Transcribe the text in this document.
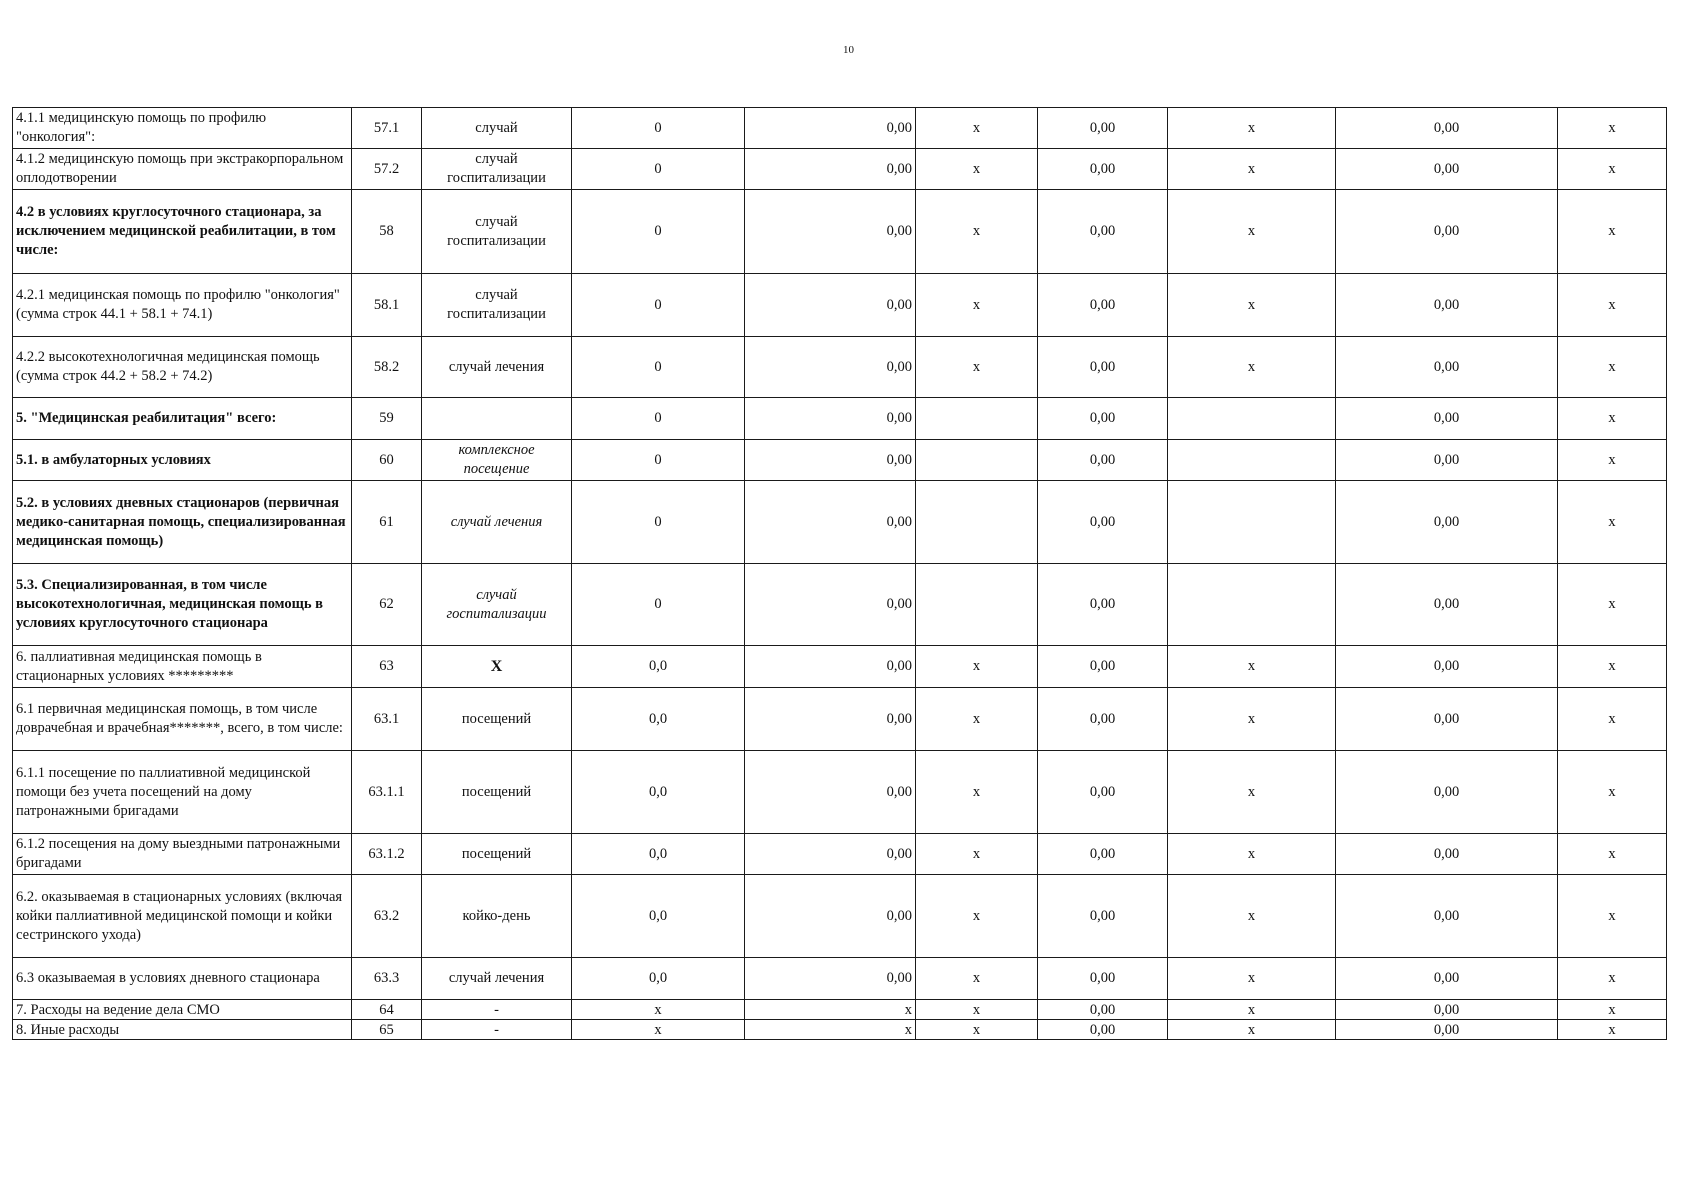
10
4.1.1 медицинскую помощь по профилю "онкология":	57.1	случай	0	0,00	x	0,00	x	0,00	x
4.1.2 медицинскую помощь при экстракорпоральном оплодотворении	57.2	случай госпитализации	0	0,00	x	0,00	x	0,00	x
4.2 в условиях круглосуточного стационара, за исключением медицинской реабилитации, в том числе:	58	случай госпитализации	0	0,00	x	0,00	x	0,00	x
4.2.1 медицинская помощь по профилю "онкология" (сумма строк 44.1 + 58.1 + 74.1)	58.1	случай госпитализации	0	0,00	x	0,00	x	0,00	x
4.2.2 высокотехнологичная медицинская помощь (сумма строк 44.2 + 58.2 + 74.2)	58.2	случай лечения	0	0,00	x	0,00	x	0,00	x
5. "Медицинская реабилитация" всего:	59		0	0,00		0,00		0,00	x
5.1. в амбулаторных условиях	60	комплексное посещение	0	0,00		0,00		0,00	x
5.2. в условиях дневных стационаров (первичная медико-санитарная помощь, специализированная медицинская помощь)	61	случай лечения	0	0,00		0,00		0,00	x
5.3. Специализированная, в том числе высокотехнологичная, медицинская помощь в условиях круглосуточного стационара	62	случай госпитализации	0	0,00		0,00		0,00	x
6. паллиативная медицинская помощь в стационарных условиях *********	63	X	0,0	0,00	x	0,00	x	0,00	x
6.1 первичная медицинская помощь, в том числе доврачебная и врачебная*******, всего, в том числе:	63.1	посещений	0,0	0,00	x	0,00	x	0,00	x
6.1.1 посещение по паллиативной медицинской помощи без учета посещений на дому патронажными бригадами	63.1.1	посещений	0,0	0,00	x	0,00	x	0,00	x
6.1.2 посещения на дому выездными патронажными бригадами	63.1.2	посещений	0,0	0,00	x	0,00	x	0,00	x
6.2. оказываемая в стационарных условиях (включая койки паллиативной медицинской помощи и койки сестринского ухода)	63.2	койко-день	0,0	0,00	x	0,00	x	0,00	x
6.3 оказываемая в условиях дневного стационара	63.3	случай лечения	0,0	0,00	x	0,00	x	0,00	x
7. Расходы на ведение дела СМО	64	-	x	x	x	0,00	x	0,00	x
8. Иные расходы	65	-	x	x	x	0,00	x	0,00	x
